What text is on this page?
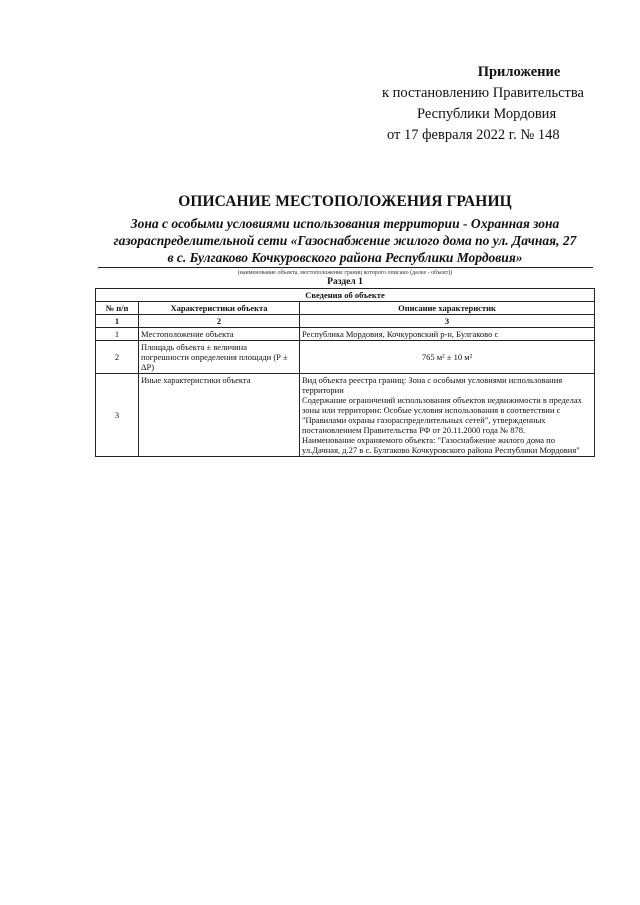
Приложение
к постановлению Правительства
Республики Мордовия
от 17 февраля 2022 г. № 148
ОПИСАНИЕ МЕСТОПОЛОЖЕНИЯ ГРАНИЦ
Зона с особыми условиями использования территории - Охранная зона
газораспределительной сети «Газоснабжение жилого дома по ул. Дачная, 27
в с. Булгаково Кочкуровского района Республики Мордовия»
(наименование объекта, местоположение границ которого описано (далее - объект))
Раздел 1
Сведения об объекте		
№ п/п	Характеристики объекта	Описание характеристик
1	2	3
1	Местоположение объекта	Республика Мордовия, Кочкуровский р-н, Булгаково с

2	Площадь объекта ± величина погрешности определения площади (Р ± ΔР)	765 м² ± 10 м²

3	Иные характеристики объекта	Вид объекта реестра границ: Зона с особыми условиями использования территории

Содержание ограничений использования объектов недвижимости в пределах зоны или территории: Особые условия использования в соответствии с "Правилами охраны газораспределительных сетей", утвержденных постановлением Правительства РФ от 20.11.2000 года № 878.

Наименование охраняемого объекта: "Газоснабжение жилого дома по ул.Дачная, д.27 в с. Булгаково Кочкуровского района Республики Мордовия"
